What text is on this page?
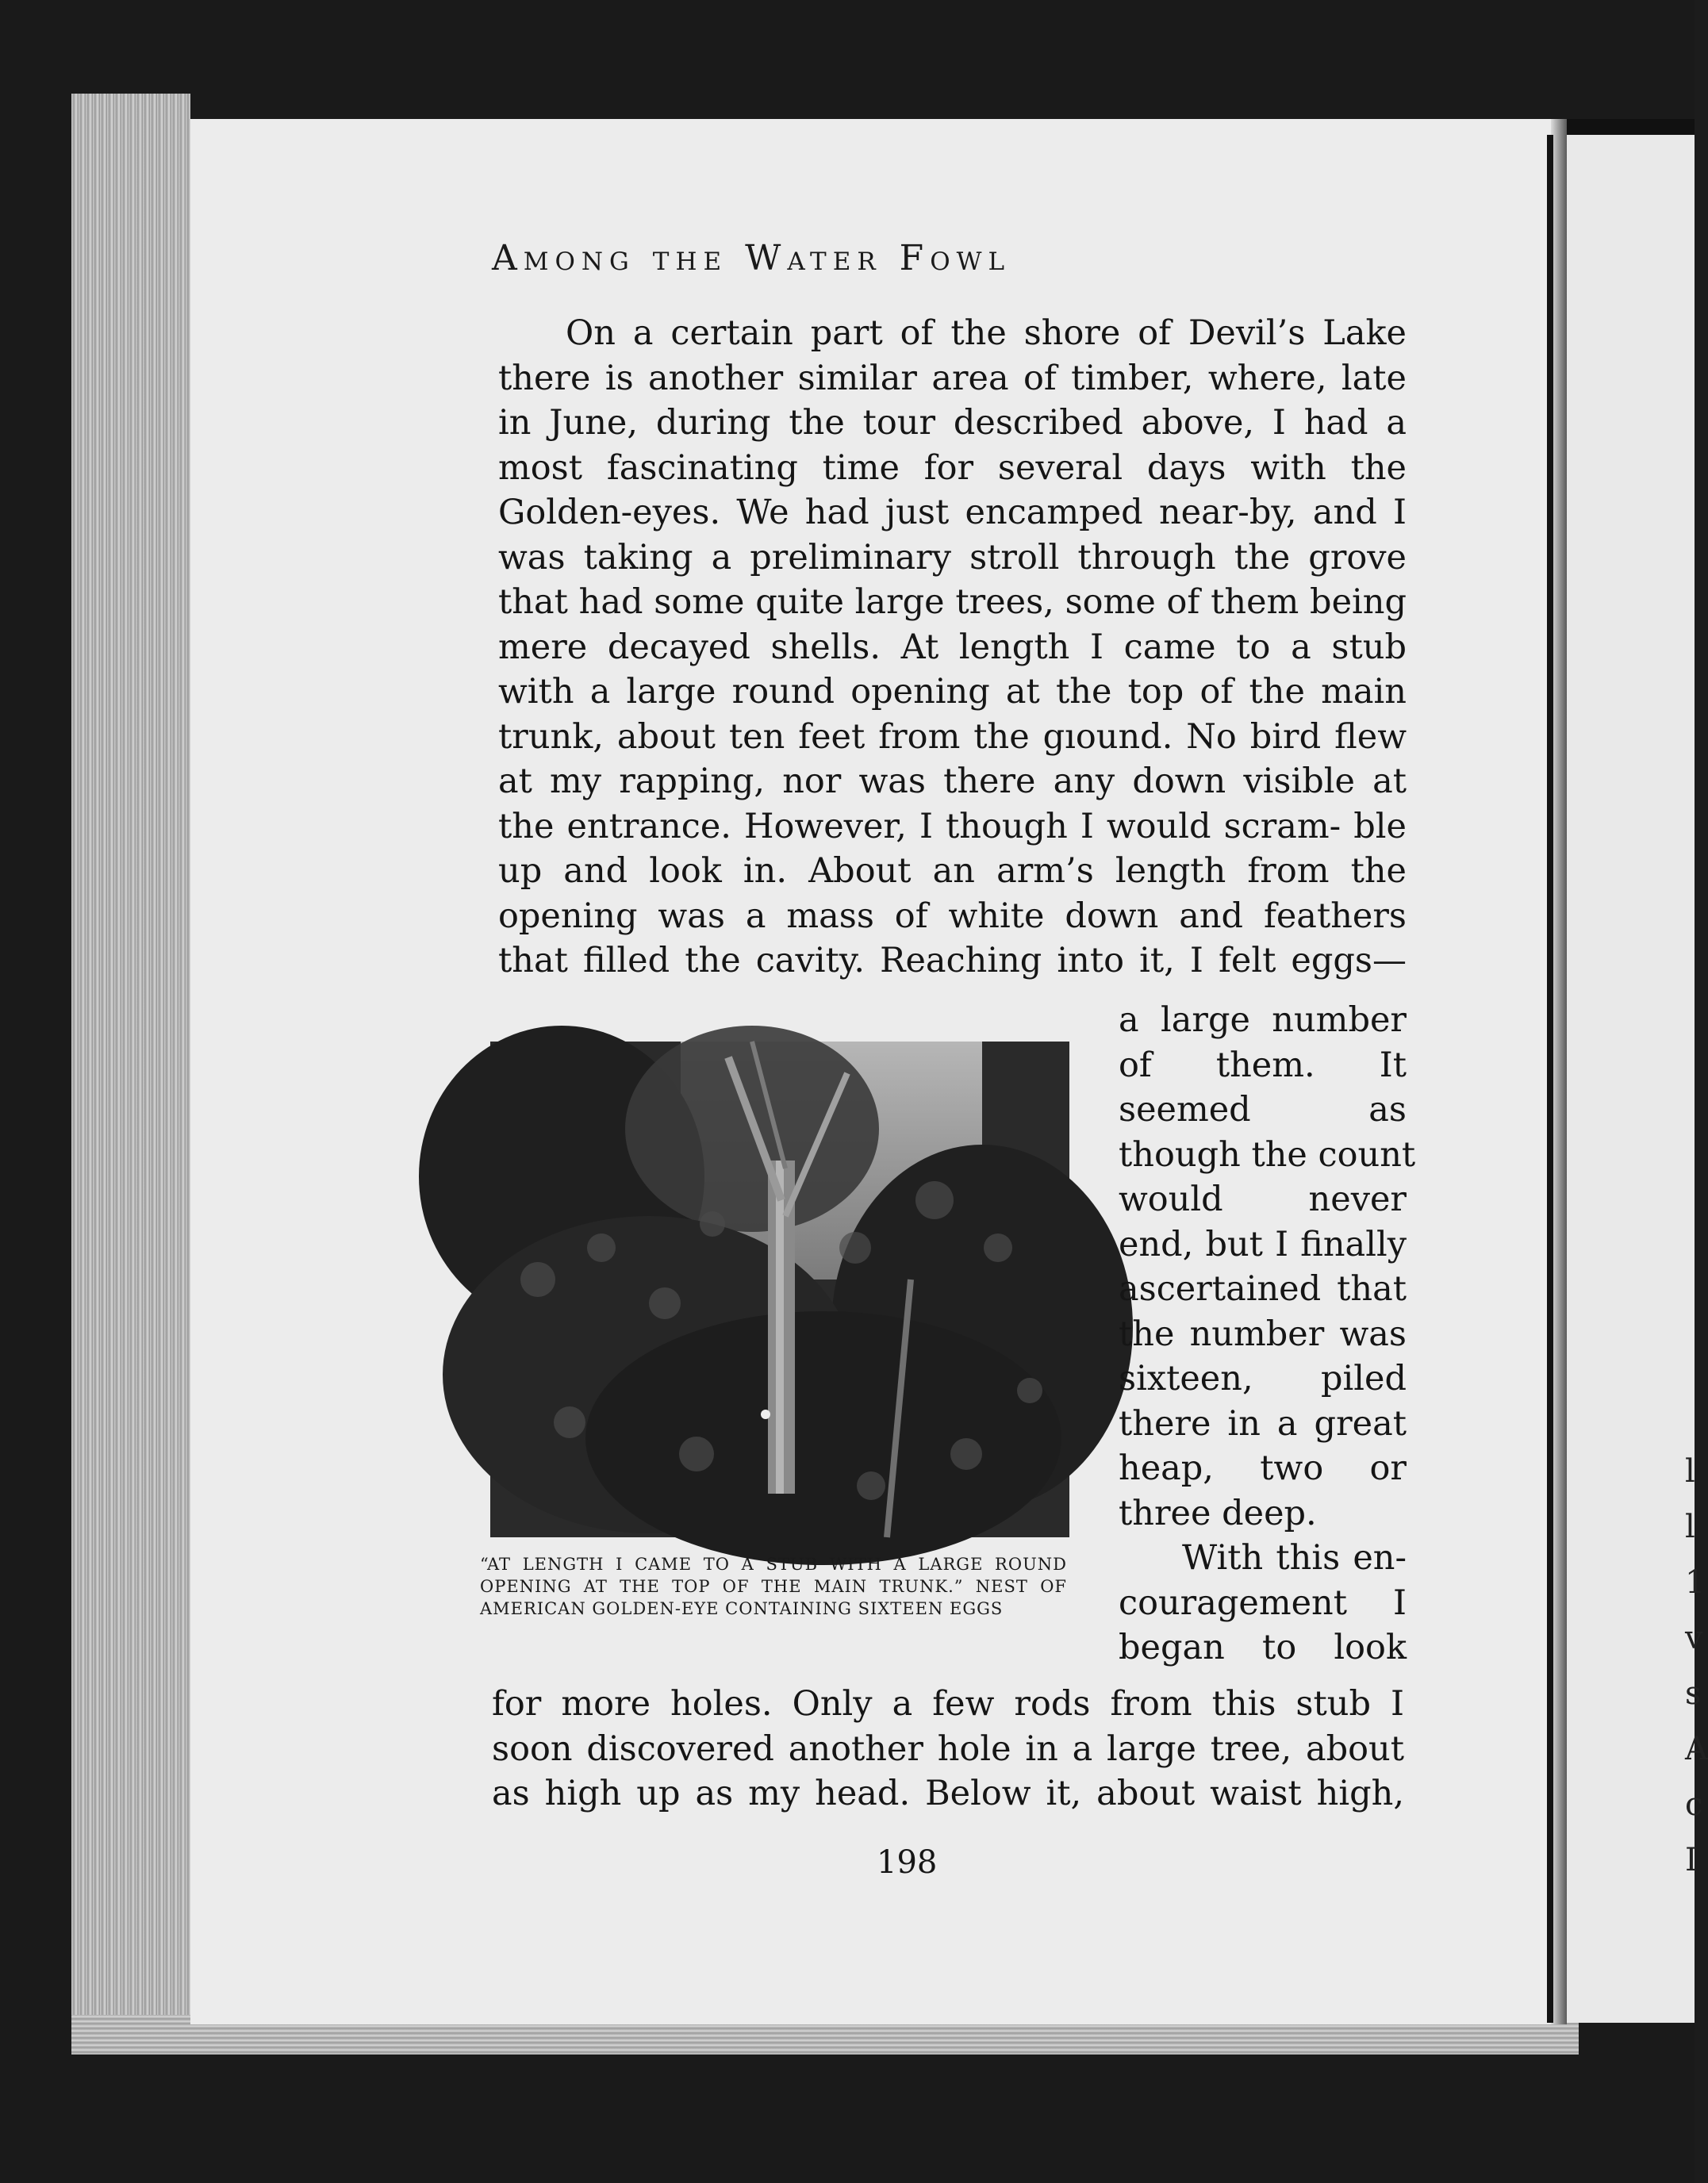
l
l
1
v
s
A
c
I
Among the Water Fowl

On a certain part of the shore of Devil’s Lake there is another similar area of timber, where, late in June, during the tour described above, I had a most fascinating time for several days with the Golden-eyes. We had just encamped near-by, and I was taking a preliminary stroll through the grove that had some quite large trees, some of them being mere decayed shells. At length I came to a stub with a large round opening at the top of the main trunk, about ten feet from the gıound. No bird flew at my rapping, nor was there any down visible at the entrance. However, I though I would scram- ble up and look in. About an arm’s length from the opening was a mass of white down and feathers that filled the cavity. Reaching into it, I felt eggs—

a large number
of them. It
seemed as
though the count
would never
end, but I finally
ascertained that
the number was
sixteen, piled
there in a great
heap, two or
three deep.
With this en-
couragement I
began to look
“AT LENGTH I CAME TO A STUB WITH A LARGE ROUND OPENING AT THE TOP OF THE MAIN TRUNK.” NEST OF AMERICAN GOLDEN-EYE CONTAINING SIXTEEN EGGS
for more holes. Only a few rods from this stub I
soon discovered another hole in a large tree, about
as high up as my head. Below it, about waist high,
198
